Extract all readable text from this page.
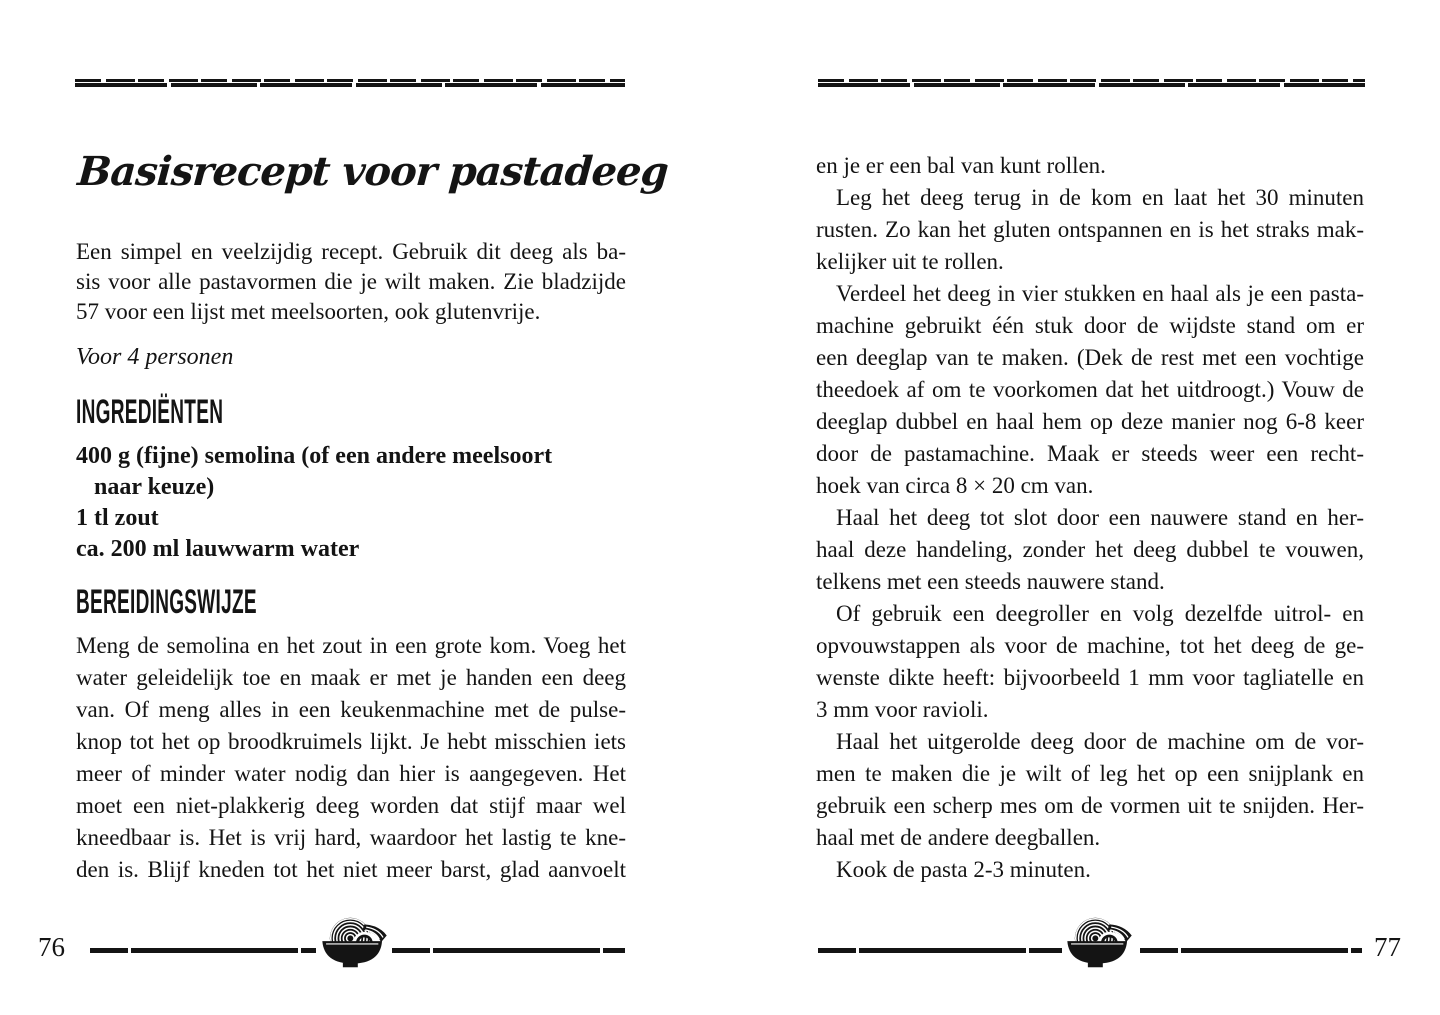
Basisrecept voor pastadeeg
Een simpel en veelzijdig recept. Gebruik dit deeg als ba-
sis voor alle pastavormen die je wilt maken. Zie bladzijde
57 voor een lijst met meelsoorten, ook glutenvrije.
Voor 4 personen
INGREDIËNTEN
400 g (fijne) semolina (of een andere meelsoort
naar keuze)
1 tl zout
ca. 200 ml lauwwarm water
BEREIDINGSWIJZE
Meng de semolina en het zout in een grote kom. Voeg het
water geleidelijk toe en maak er met je handen een deeg
van. Of meng alles in een keukenmachine met de pulse-
knop tot het op broodkruimels lijkt. Je hebt misschien iets
meer of minder water nodig dan hier is aangegeven. Het
moet een niet-plakkerig deeg worden dat stijf maar wel
kneedbaar is. Het is vrij hard, waardoor het lastig te kne-
den is. Blijf kneden tot het niet meer barst, glad aanvoelt
en je er een bal van kunt rollen.
Leg het deeg terug in de kom en laat het 30 minuten
rusten. Zo kan het gluten ontspannen en is het straks mak-
kelijker uit te rollen.
Verdeel het deeg in vier stukken en haal als je een pasta-
machine gebruikt één stuk door de wijdste stand om er
een deeglap van te maken. (Dek de rest met een vochtige
theedoek af om te voorkomen dat het uitdroogt.) Vouw de
deeglap dubbel en haal hem op deze manier nog 6-8 keer
door de pastamachine. Maak er steeds weer een recht-
hoek van circa 8 × 20 cm van.
Haal het deeg tot slot door een nauwere stand en her-
haal deze handeling, zonder het deeg dubbel te vouwen,
telkens met een steeds nauwere stand.
Of gebruik een deegroller en volg dezelfde uitrol- en
opvouwstappen als voor de machine, tot het deeg de ge-
wenste dikte heeft: bijvoorbeeld 1 mm voor tagliatelle en
3 mm voor ravioli.
Haal het uitgerolde deeg door de machine om de vor-
men te maken die je wilt of leg het op een snijplank en
gebruik een scherp mes om de vormen uit te snijden. Her-
haal met de andere deegballen.
Kook de pasta 2-3 minuten.
76	77
